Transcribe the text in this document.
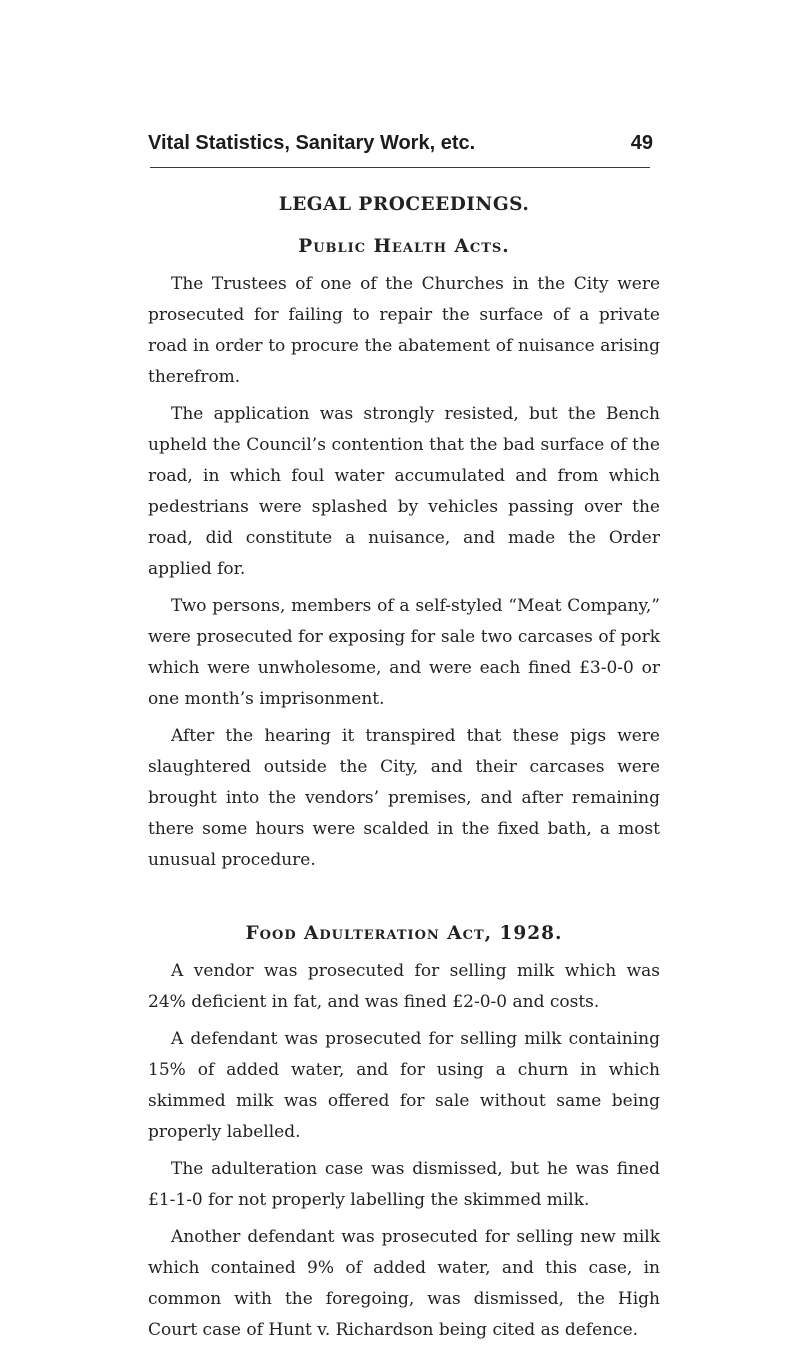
Vital Statistics, Sanitary Work, etc.	49
LEGAL PROCEEDINGS.
Public Health Acts.

The Trustees of one of the Churches in the City were prosecuted for failing to repair the surface of a private road in order to procure the abatement of nuisance arising therefrom.

The application was strongly resisted, but the Bench upheld the Council’s contention that the bad surface of the road, in which foul water accumulated and from which pedestrians were splashed by vehicles passing over the road, did constitute a nuisance, and made the Order applied for.

Two persons, members of a self-styled “Meat Company,” were prosecuted for exposing for sale two carcases of pork which were unwholesome, and were each fined £3-0-0 or one month’s imprisonment.

After the hearing it transpired that these pigs were slaughtered outside the City, and their carcases were brought into the vendors’ premises, and after remaining there some hours were scalded in the fixed bath, a most unusual procedure.

Food Adulteration Act, 1928.

A vendor was prosecuted for selling milk which was 24% deficient in fat, and was fined £2-0-0 and costs.

A defendant was prosecuted for selling milk containing 15% of added water, and for using a churn in which skimmed milk was offered for sale without same being properly labelled.

The adulteration case was dismissed, but he was fined £1-1-0 for not properly labelling the skimmed milk.

Another defendant was prosecuted for selling new milk which contained 9% of added water, and this case, in common with the foregoing, was dismissed, the High Court case of Hunt v. Richardson being cited as defence.
